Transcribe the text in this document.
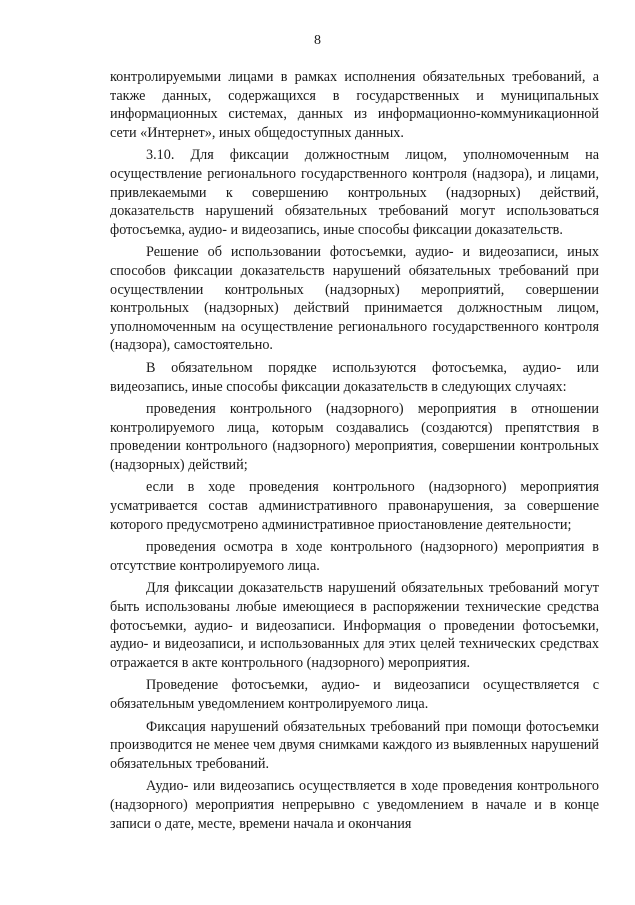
8

контролируемыми лицами в рамках исполнения обязательных требований, а также данных, содержащихся в государственных и муниципальных информационных системах, данных из информационно-коммуникационной сети «Интернет», иных общедоступных данных.

3.10. Для фиксации должностным лицом, уполномоченным на осуществление регионального государственного контроля (надзора), и лицами, привлекаемыми к совершению контрольных (надзорных) действий, доказательств нарушений обязательных требований могут использоваться фотосъемка, аудио- и видеозапись, иные способы фиксации доказательств.

Решение об использовании фотосъемки, аудио- и видеозаписи, иных способов фиксации доказательств нарушений обязательных требований при осуществлении контрольных (надзорных) мероприятий, совершении контрольных (надзорных) действий принимается должностным лицом, уполномоченным на осуществление регионального государственного контроля (надзора), самостоятельно.

В обязательном порядке используются фотосъемка, аудио- или видеозапись, иные способы фиксации доказательств в следующих случаях:

проведения контрольного (надзорного) мероприятия в отношении контролируемого лица, которым создавались (создаются) препятствия в проведении контрольного (надзорного) мероприятия, совершении контрольных (надзорных) действий;

если в ходе проведения контрольного (надзорного) мероприятия усматривается состав административного правонарушения, за совершение которого предусмотрено административное приостановление деятельности;

проведения осмотра в ходе контрольного (надзорного) мероприятия в отсутствие контролируемого лица.

Для фиксации доказательств нарушений обязательных требований могут быть использованы любые имеющиеся в распоряжении технические средства фотосъемки, аудио- и видеозаписи. Информация о проведении фотосъемки, аудио- и видеозаписи, и использованных для этих целей технических средствах отражается в акте контрольного (надзорного) мероприятия.

Проведение фотосъемки, аудио- и видеозаписи осуществляется с обязательным уведомлением контролируемого лица.

Фиксация нарушений обязательных требований при помощи фотосъемки производится не менее чем двумя снимками каждого из выявленных нарушений обязательных требований.

Аудио- или видеозапись осуществляется в ходе проведения контрольного (надзорного) мероприятия непрерывно с уведомлением в начале и в конце записи о дате, месте, времени начала и окончания
